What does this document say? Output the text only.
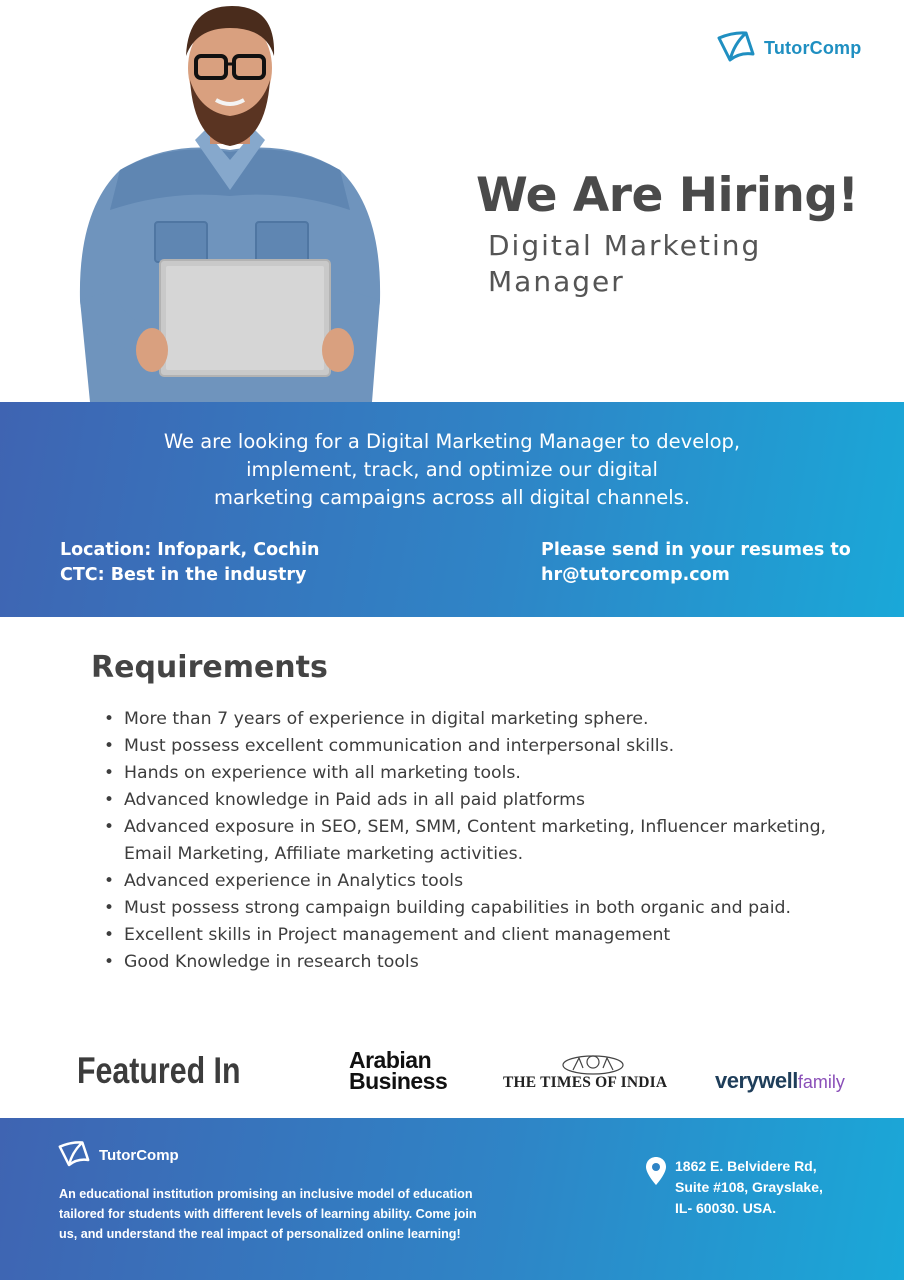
TutorComp
We Are Hiring!
Digital Marketing
Manager

We are looking for a Digital Marketing Manager to develop,
implement, track, and optimize our digital
marketing campaigns across all digital channels.

Location: Infopark, Cochin
CTC: Best in the industry
Please send in your resumes to
hr@tutorcomp.com
Requirements
• More than 7 years of experience in digital marketing sphere.
• Must possess excellent communication and interpersonal skills.
• Hands on experience with all marketing tools.
• Advanced knowledge in Paid ads in all paid platforms
• Advanced exposure in SEO, SEM, SMM, Content marketing, Influencer marketing, Email Marketing, Affiliate marketing activities.
• Advanced experience in Analytics tools
• Must possess strong campaign building capabilities in both organic and paid.
• Excellent skills in Project management and client management
• Good Knowledge in research tools
Featured In	Arabian
Business	THE TIMES OF INDIA verywellfamily
TutorComp

An educational institution promising an inclusive model of education
tailored for students with different levels of learning ability. Come join
us, and understand the real impact of personalized online learning!

1862 E. Belvidere Rd,
Suite #108, Grayslake,
IL- 60030. USA.
